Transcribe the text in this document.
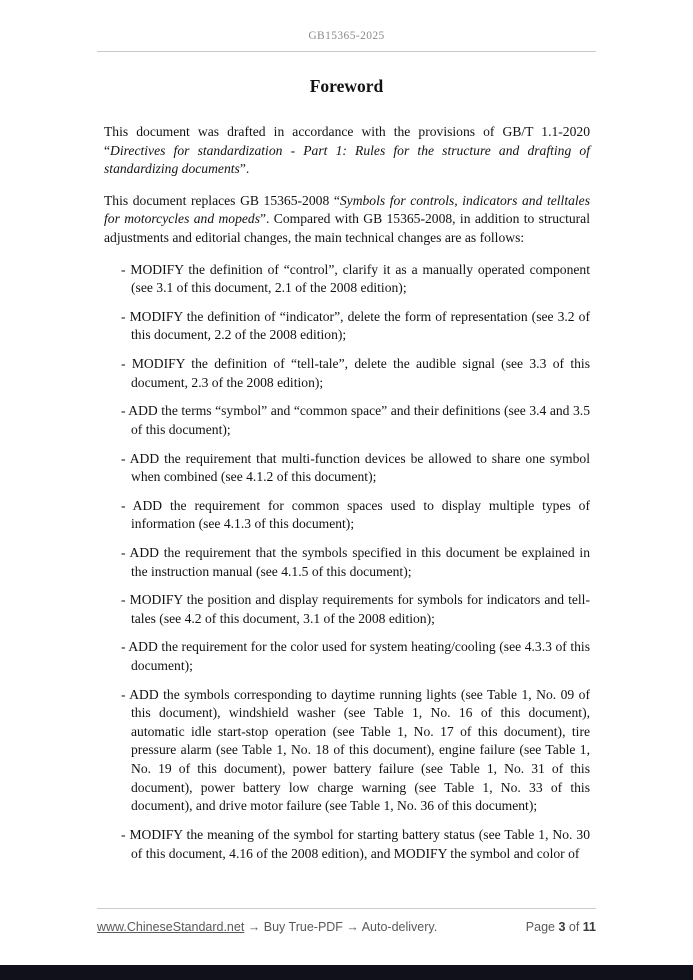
GB15365-2025
Foreword

This document was drafted in accordance with the provisions of GB/T 1.1-2020 “Directives for standardization - Part 1: Rules for the structure and drafting of standardizing documents”.

This document replaces GB 15365-2008 “Symbols for controls, indicators and telltales for motorcycles and mopeds”. Compared with GB 15365-2008, in addition to structural adjustments and editorial changes, the main technical changes are as follows:

- MODIFY the definition of “control”, clarify it as a manually operated component (see 3.1 of this document, 2.1 of the 2008 edition);

- MODIFY the definition of “indicator”, delete the form of representation (see 3.2 of this document, 2.2 of the 2008 edition);

- MODIFY the definition of “tell-tale”, delete the audible signal (see 3.3 of this document, 2.3 of the 2008 edition);

- ADD the terms “symbol” and “common space” and their definitions (see 3.4 and 3.5 of this document);

- ADD the requirement that multi-function devices be allowed to share one symbol when combined (see 4.1.2 of this document);

- ADD the requirement for common spaces used to display multiple types of information (see 4.1.3 of this document);

- ADD the requirement that the symbols specified in this document be explained in the instruction manual (see 4.1.5 of this document);

- MODIFY the position and display requirements for symbols for indicators and tell-tales (see 4.2 of this document, 3.1 of the 2008 edition);

- ADD the requirement for the color used for system heating/cooling (see 4.3.3 of this document);

- ADD the symbols corresponding to daytime running lights (see Table 1, No. 09 of this document), windshield washer (see Table 1, No. 16 of this document), automatic idle start-stop operation (see Table 1, No. 17 of this document), tire pressure alarm (see Table 1, No. 18 of this document), engine failure (see Table 1, No. 19 of this document), power battery failure (see Table 1, No. 31 of this document), power battery low charge warning (see Table 1, No. 33 of this document), and drive motor failure (see Table 1, No. 36 of this document);

- MODIFY the meaning of the symbol for starting battery status (see Table 1, No. 30 of this document, 4.16 of the 2008 edition), and MODIFY the symbol and color of

www.ChineseStandard.net → Buy True-PDF → Auto-delivery.	Page 3 of 11
